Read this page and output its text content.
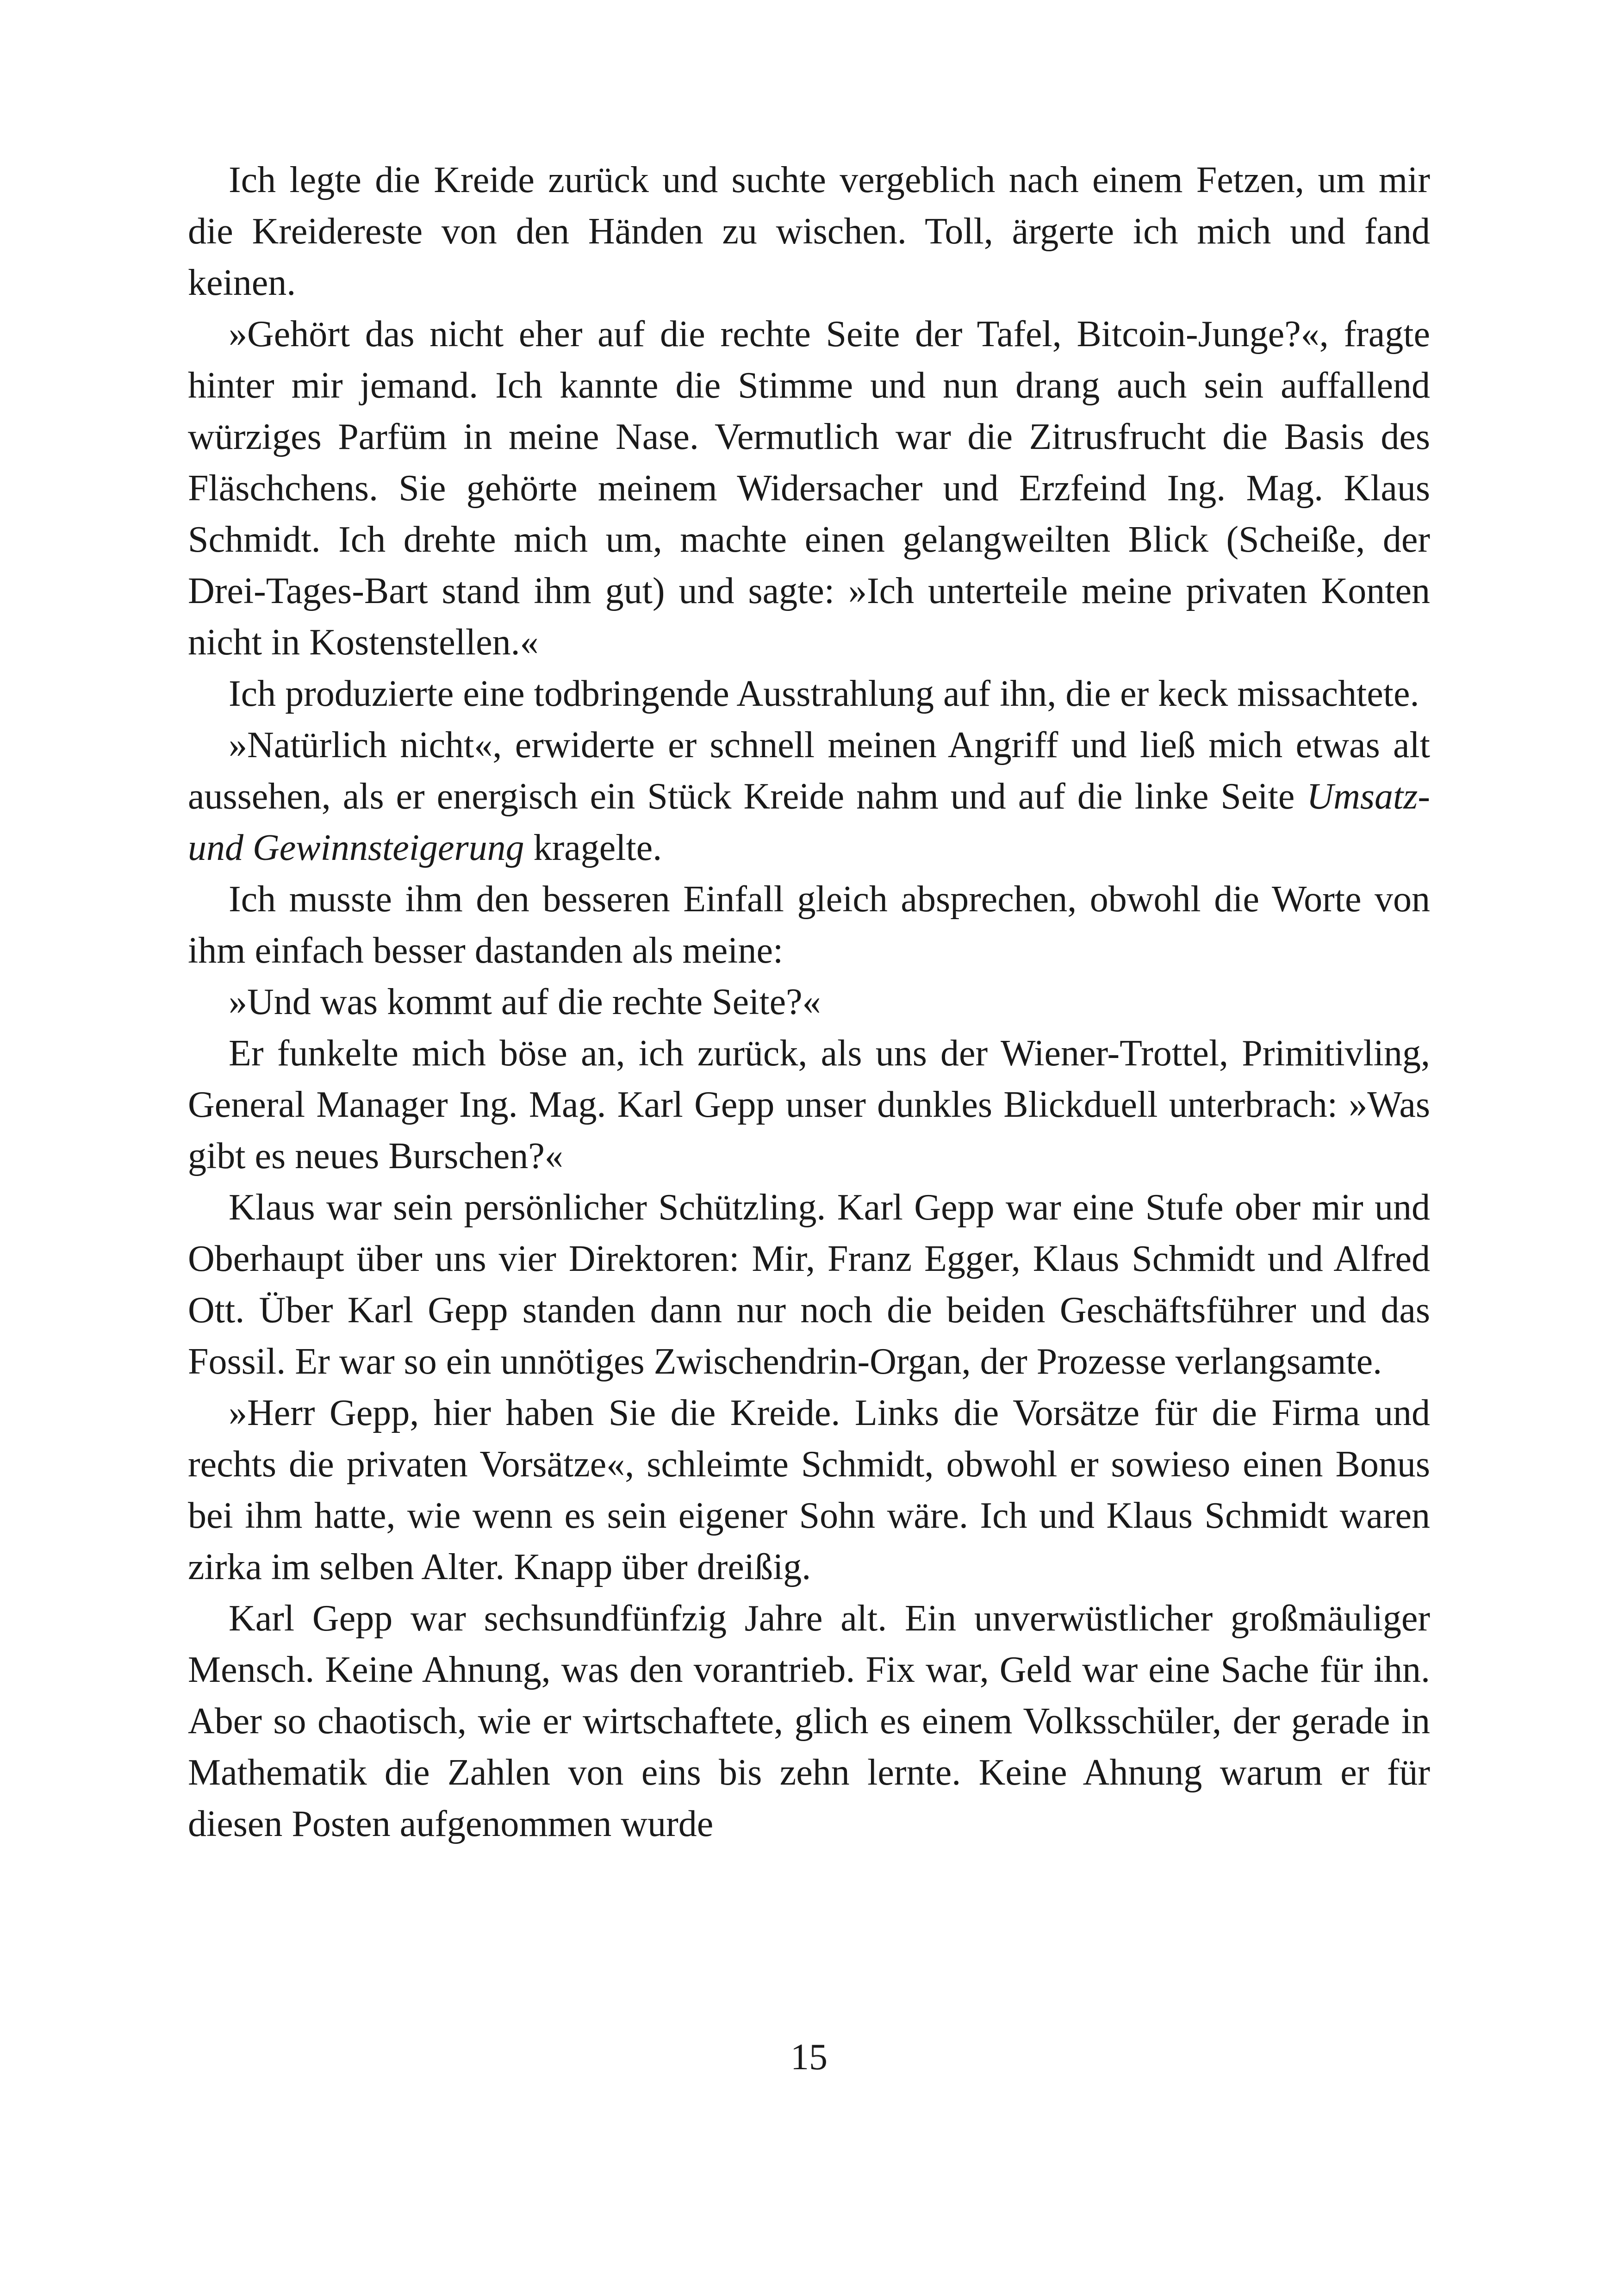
Ich legte die Kreide zurück und suchte vergeblich nach einem Fetzen, um mir die Kreidereste von den Händen zu wischen. Toll, ärgerte ich mich und fand keinen.

»Gehört das nicht eher auf die rechte Seite der Tafel, Bitcoin-Junge?«, fragte hinter mir jemand. Ich kannte die Stimme und nun drang auch sein auffallend würziges Parfüm in meine Nase. Vermutlich war die Zitrusfrucht die Basis des Fläschchens. Sie gehörte meinem Widersacher und Erzfeind Ing. Mag. Klaus Schmidt. Ich drehte mich um, machte einen gelangweilten Blick (Scheiße, der Drei-Tages-Bart stand ihm gut) und sagte: »Ich unterteile meine privaten Konten nicht in Kostenstellen.«

Ich produzierte eine todbringende Ausstrahlung auf ihn, die er keck missachtete.

»Natürlich nicht«, erwiderte er schnell meinen Angriff und ließ mich etwas alt aussehen, als er energisch ein Stück Kreide nahm und auf die linke Seite Umsatz- und Gewinnsteigerung kragelte.

Ich musste ihm den besseren Einfall gleich absprechen, obwohl die Worte von ihm einfach besser dastanden als meine:

»Und was kommt auf die rechte Seite?«

Er funkelte mich böse an, ich zurück, als uns der Wiener-Trottel, Primitivling, General Manager Ing. Mag. Karl Gepp unser dunkles Blickduell unterbrach: »Was gibt es neues Burschen?«

Klaus war sein persönlicher Schützling. Karl Gepp war eine Stufe ober mir und Oberhaupt über uns vier Direktoren: Mir, Franz Egger, Klaus Schmidt und Alfred Ott. Über Karl Gepp standen dann nur noch die beiden Geschäftsführer und das Fossil. Er war so ein unnötiges Zwischendrin-Organ, der Prozesse verlangsamte.

»Herr Gepp, hier haben Sie die Kreide. Links die Vorsätze für die Firma und rechts die privaten Vorsätze«, schleimte Schmidt, obwohl er sowieso einen Bonus bei ihm hatte, wie wenn es sein eigener Sohn wäre. Ich und Klaus Schmidt waren zirka im selben Alter. Knapp über dreißig.

Karl Gepp war sechsundfünfzig Jahre alt. Ein unverwüstlicher großmäuliger Mensch. Keine Ahnung, was den vorantrieb. Fix war, Geld war eine Sache für ihn. Aber so chaotisch, wie er wirtschaftete, glich es einem Volksschüler, der gerade in Mathematik die Zahlen von eins bis zehn lernte. Keine Ahnung warum er für diesen Posten aufgenommen wurde

15
